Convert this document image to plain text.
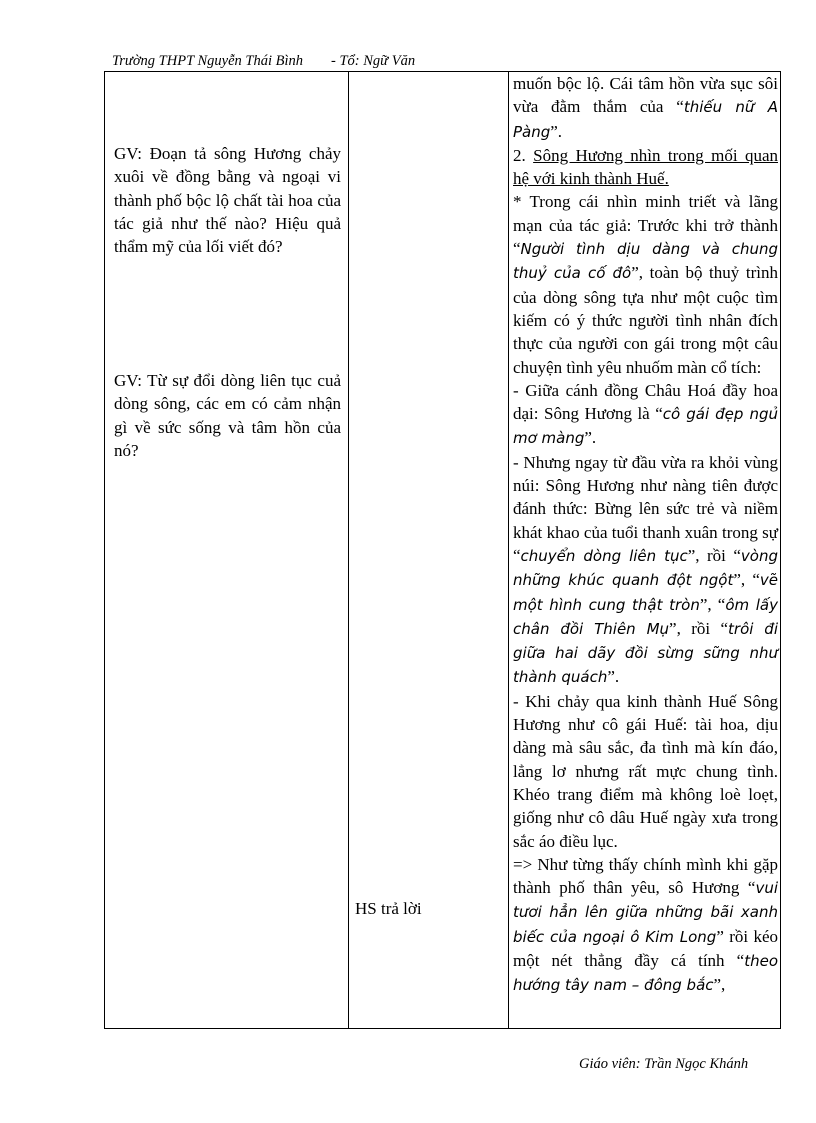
Trường THPT Nguyễn Thái Bình - Tổ: Ngữ Văn
GV: Đoạn tả sông Hương chảy xuôi về đồng bằng và ngoại vi thành phố bộc lộ chất tài hoa của tác giả như thế nào? Hiệu quả thẩm mỹ của lối viết đó?
GV: Từ sự đổi dòng liên tục cuả dòng sông, các em có cảm nhận gì về sức sống và tâm hồn của nó?
HS trả lời

muốn bộc lộ. Cái tâm hồn vừa sục sôi vừa đằm thắm của “thiếu nữ A Pàng”.

2. Sông Hương nhìn trong mối quan hệ với kinh thành Huế.

* Trong cái nhìn minh triết và lãng mạn của tác giả: Trước khi trở thành “Người tình dịu dàng và chung thuỷ của cố đô”, toàn bộ thuỷ trình của dòng sông tựa như một cuộc tìm kiếm có ý thức người tình nhân đích thực của người con gái trong một câu chuyện tình yêu nhuốm màn cổ tích:

- Giữa cánh đồng Châu Hoá đầy hoa dại: Sông Hương là “cô gái đẹp ngủ mơ màng”.

- Nhưng ngay từ đầu vừa ra khỏi vùng núi: Sông Hương như nàng tiên được đánh thức: Bừng lên sức trẻ và niềm khát khao của tuổi thanh xuân trong sự “chuyển dòng liên tục”, rồi “vòng những khúc quanh đột ngột”, “vẽ một hình cung thật tròn”, “ôm lấy chân đồi Thiên Mụ”, rồi “trôi đi giữa hai dãy đồi sừng sững như thành quách”.

- Khi chảy qua kinh thành Huế Sông Hương như cô gái Huế: tài hoa, dịu dàng mà sâu sắc, đa tình mà kín đáo, lẳng lơ nhưng rất mực chung tình. Khéo trang điểm mà không loè loẹt, giống như cô dâu Huế ngày xưa trong sắc áo điều lục.

=> Như từng thấy chính mình khi gặp thành phố thân yêu, sô Hương “vui tươi hẳn lên giữa những bãi xanh biếc của ngoại ô Kim Long” rồi kéo một nét thẳng đầy cá tính “theo hướng tây nam – đông bắc”,

Giáo viên: Trần Ngọc Khánh
